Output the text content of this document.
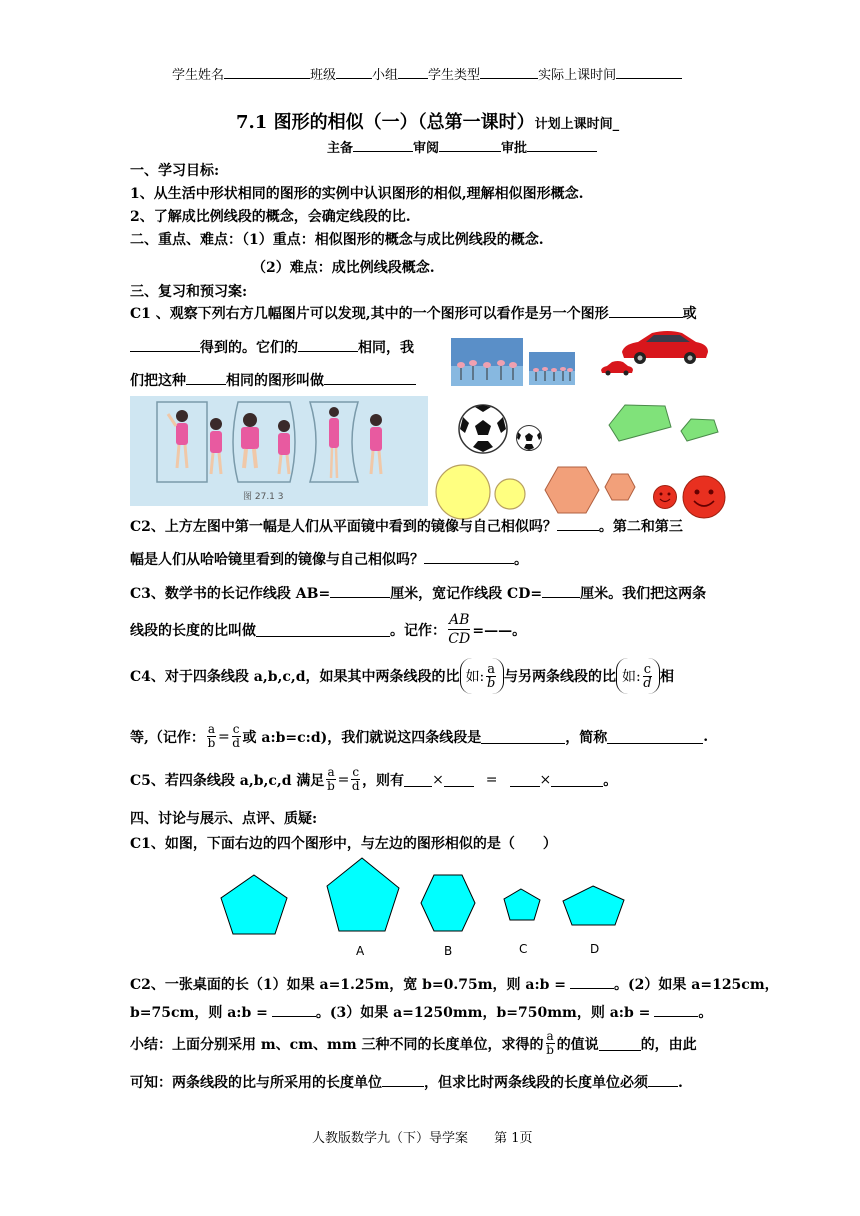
学生姓名	班级	小组 学生类型	实际上课时间
7.1 图形的相似（一）（总第一课时）计划上课时间_
主备	审阅	审批
一、学习目标:
1、从生活中形状相同的图形的实例中认识图形的相似,理解相似图形概念.
2、了解成比例线段的概念，会确定线段的比.
二、重点、难点：（1）重点：相似图形的概念与成比例线段的概念.
（2）难点：成比例线段概念.
三、复习和预习案:
C1 、观察下列右方几幅图片可以发现,其中的一个图形可以看作是另一个图形	或
得到的。它们的	相同，我
们把这种	相同的图形叫做
图 27.1 3
C2、上方左图中第一幅是人们从平面镜中看到的镜像与自己相似吗？	。第二和第三
幅是人们从哈哈镜里看到的镜像与自己相似吗？	。
C3、数学书的长记作线段 AB=	厘米，宽记作线段 CD=	厘米。我们把这两条
线段的长度的比叫做	。记作： $\frac{AB}{CD}$ =——。
C4、对于四条线段 a,b,c,d，如果其中两条线段的比 如: $\frac{a}{b}$ 与另两条线段的比 如: $\frac{c}{d}$ 相
等,（记作： $\frac{a}{b} = \frac{c}{d}$ 或 a:b=c:d)，我们就说这四条线段是	，简称	.
C5、若四条线段 a,b,c,d 满足 $\frac{a}{b} = \frac{c}{d}$ ，则有 ×	=	×	。
四、讨论与展示、点评、质疑:
C1、如图，下面右边的四个图形中，与左边的图形相似的是（　　）
A	B	C	D
C2、一张桌面的长（1）如果 a=1.25m，宽 b=0.75m，则 a:b =	。(2）如果 a=125cm，
b=75cm，则 a:b =	。(3）如果 a=1250mm，b=750mm，则 a:b =	。
小结：上面分别采用 m、cm、mm 三种不同的长度单位，求得的 $\frac{a}{b}$ 的值说	的，由此
可知：两条线段的比与所采用的长度单位	，但求比时两条线段的长度单位必须 .
人教版数学九（下）导学案 第 1页
